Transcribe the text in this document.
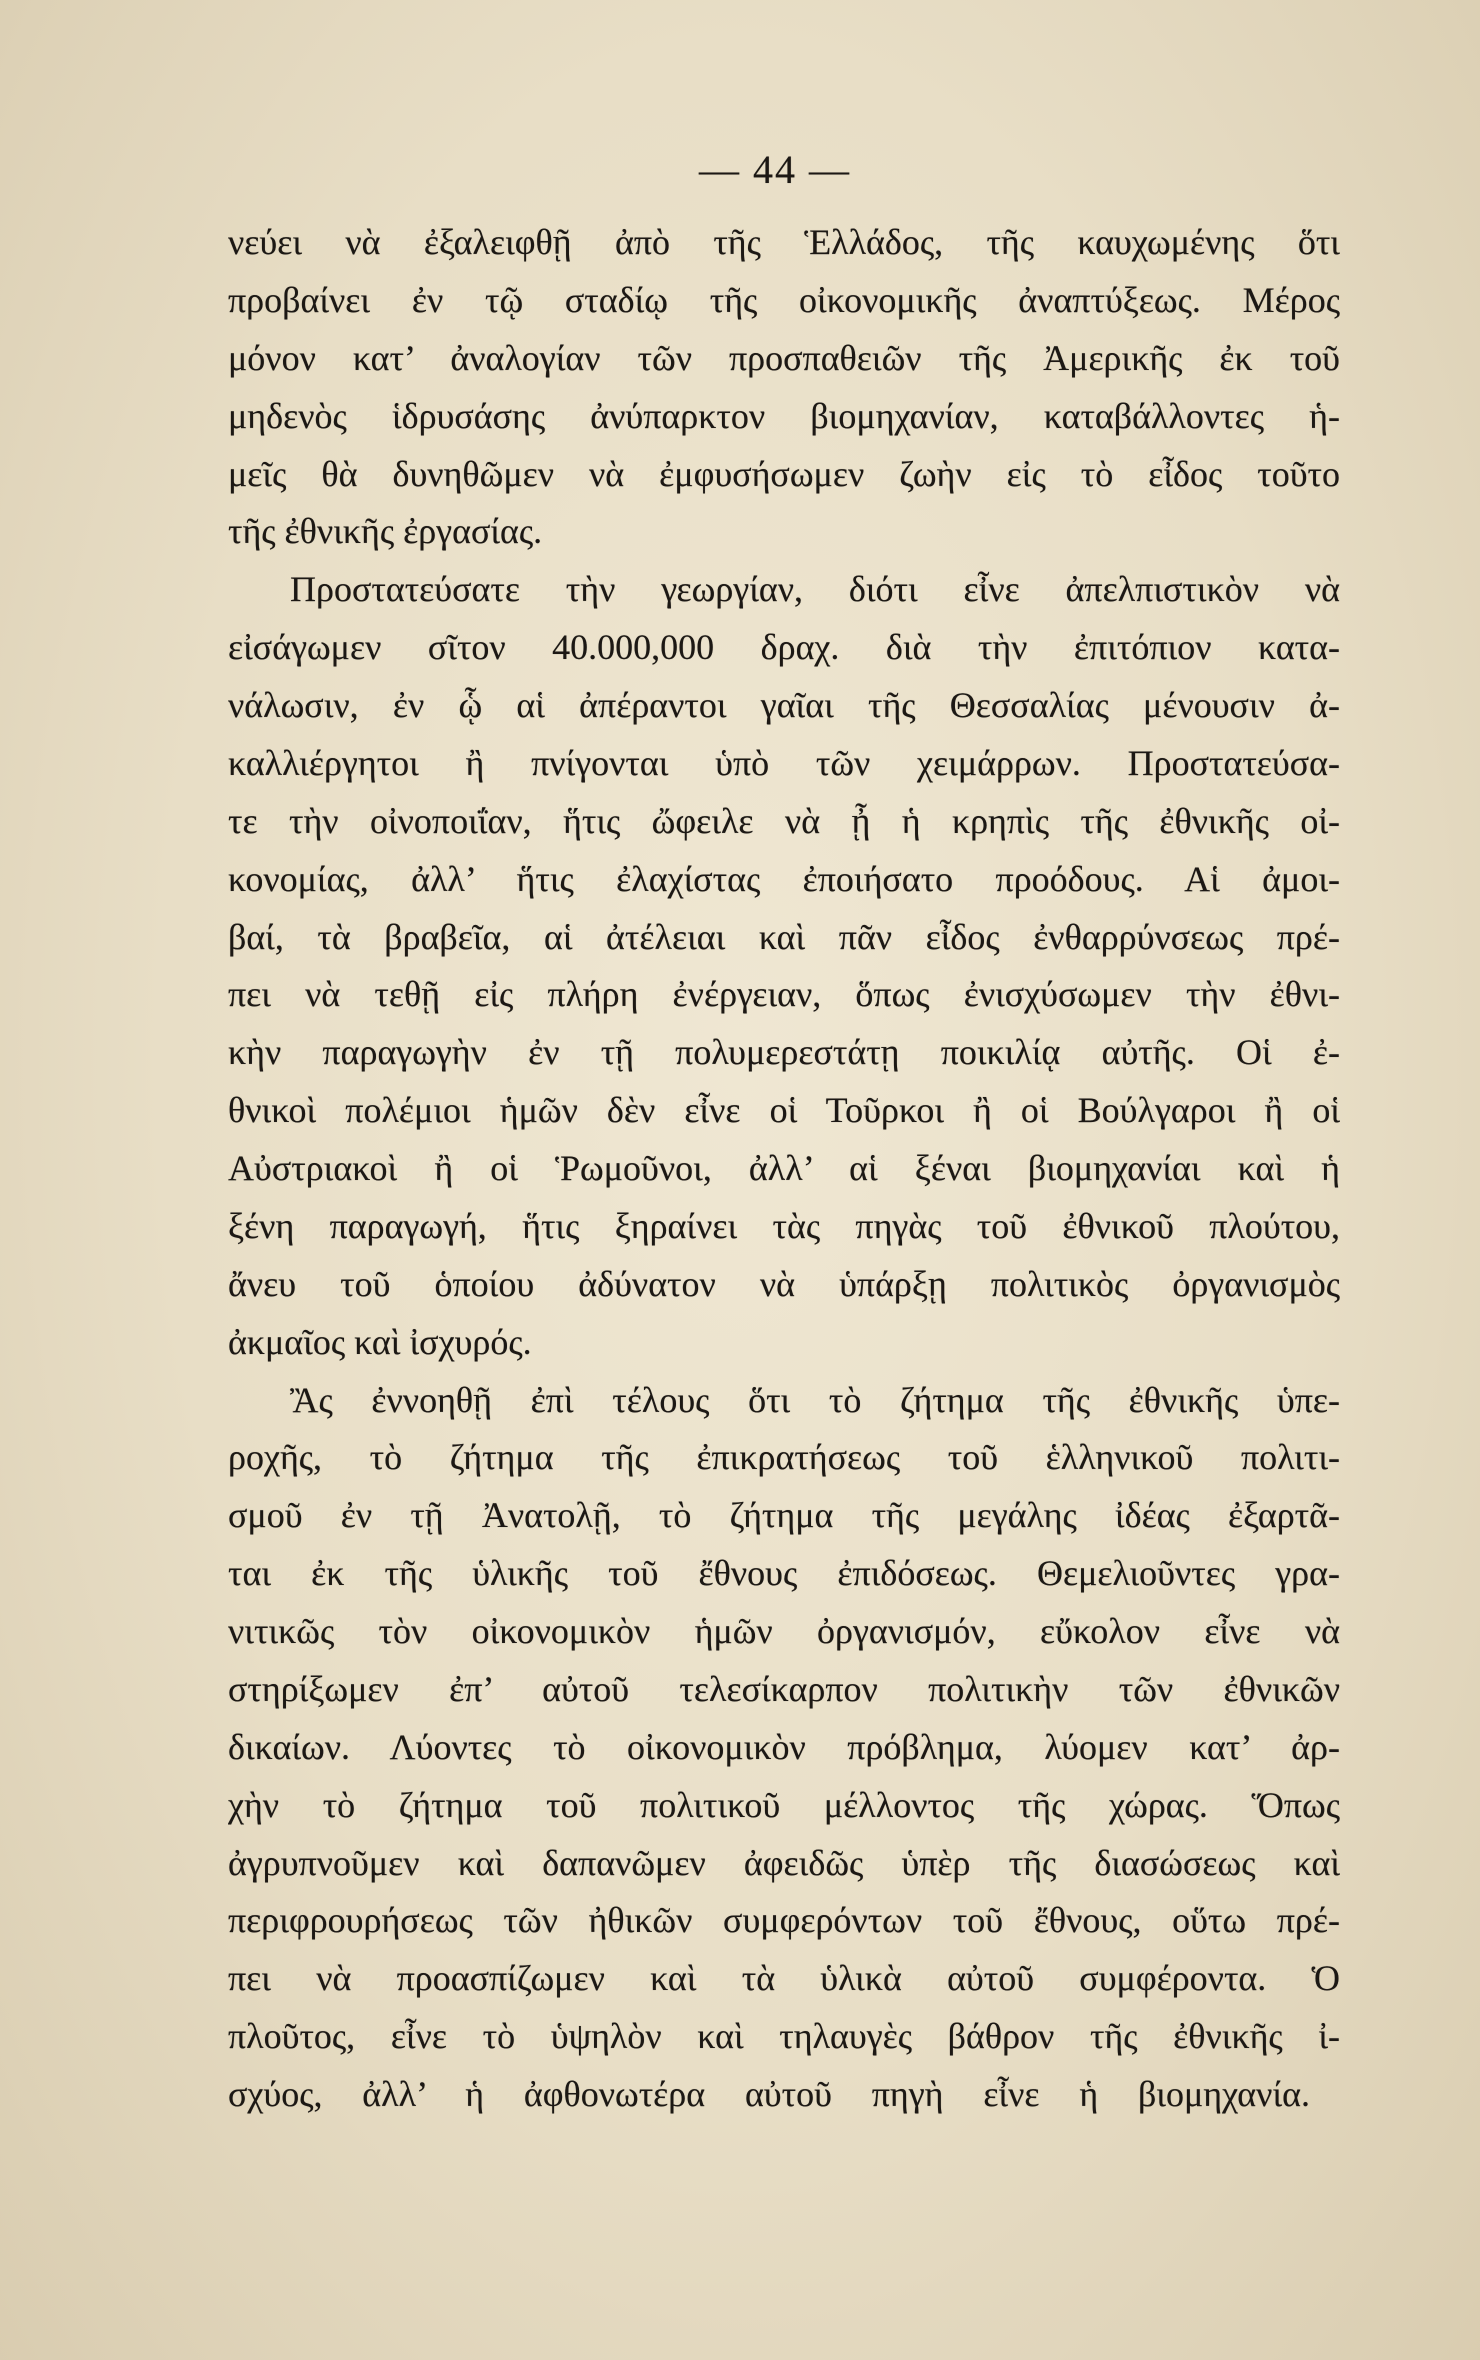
— 44 —
νεύει νὰ ἐξαλειφθῇ ἀπὸ τῆς Ἑλλάδος, τῆς καυχωμένης ὅτι
προβαίνει ἐν τῷ σταδίῳ τῆς οἰκονομικῆς ἀναπτύξεως. Μέρος
μόνον κατ’ ἀναλογίαν τῶν προσπαθειῶν τῆς Ἀμερικῆς ἐκ τοῦ
μηδενὸς ἱδρυσάσης ἀνύπαρκτον βιομηχανίαν, καταβάλλοντες ἡ-
μεῖς θὰ δυνηθῶμεν νὰ ἐμφυσήσωμεν ζωὴν εἰς τὸ εἶδος τοῦτο
τῆς ἐθνικῆς ἐργασίας.
Προστατεύσατε τὴν γεωργίαν, διότι εἶνε ἀπελπιστικὸν νὰ
εἰσάγωμεν σῖτον 40.000,000 δραχ. διὰ τὴν ἐπιτόπιον κατα-
νάλωσιν, ἐν ᾧ αἱ ἀπέραντοι γαῖαι τῆς Θεσσαλίας μένουσιν ἀ-
καλλιέργητοι ἢ πνίγονται ὑπὸ τῶν χειμάρρων. Προστατεύσα-
τε τὴν οἰνοποιΐαν, ἥτις ὤφειλε νὰ ᾖ ἡ κρηπὶς τῆς ἐθνικῆς οἰ-
κονομίας, ἀλλ’ ἥτις ἐλαχίστας ἐποιήσατο προόδους. Αἱ ἀμοι-
βαί, τὰ βραβεῖα, αἱ ἀτέλειαι καὶ πᾶν εἶδος ἐνθαρρύνσεως πρέ-
πει νὰ τεθῇ εἰς πλήρη ἐνέργειαν, ὅπως ἐνισχύσωμεν τὴν ἐθνι-
κὴν παραγωγὴν ἐν τῇ πολυμερεστάτῃ ποικιλίᾳ αὐτῆς. Οἱ ἐ-
θνικοὶ πολέμιοι ἡμῶν δὲν εἶνε οἱ Τοῦρκοι ἢ οἱ Βούλγαροι ἢ οἱ
Αὐστριακοὶ ἢ οἱ Ῥωμοῦνοι, ἀλλ’ αἱ ξέναι βιομηχανίαι καὶ ἡ
ξένη παραγωγή, ἥτις ξηραίνει τὰς πηγὰς τοῦ ἐθνικοῦ πλούτου,
ἄνευ τοῦ ὁποίου ἀδύνατον νὰ ὑπάρξῃ πολιτικὸς ὀργανισμὸς
ἀκμαῖος καὶ ἰσχυρός.
Ἂς ἐννοηθῇ ἐπὶ τέλους ὅτι τὸ ζήτημα τῆς ἐθνικῆς ὑπε-
ροχῆς, τὸ ζήτημα τῆς ἐπικρατήσεως τοῦ ἑλληνικοῦ πολιτι-
σμοῦ ἐν τῇ Ἀνατολῇ, τὸ ζήτημα τῆς μεγάλης ἰδέας ἐξαρτᾶ-
ται ἐκ τῆς ὑλικῆς τοῦ ἔθνους ἐπιδόσεως. Θεμελιοῦντες γρα-
νιτικῶς τὸν οἰκονομικὸν ἡμῶν ὀργανισμόν, εὔκολον εἶνε νὰ
στηρίξωμεν ἐπ’ αὐτοῦ τελεσίκαρπον πολιτικὴν τῶν ἐθνικῶν
δικαίων. Λύοντες τὸ οἰκονομικὸν πρόβλημα, λύομεν κατ’ ἀρ-
χὴν τὸ ζήτημα τοῦ πολιτικοῦ μέλλοντος τῆς χώρας. Ὅπως
ἀγρυπνοῦμεν καὶ δαπανῶμεν ἀφειδῶς ὑπὲρ τῆς διασώσεως καὶ
περιφρουρήσεως τῶν ἠθικῶν συμφερόντων τοῦ ἔθνους, οὕτω πρέ-
πει νὰ προασπίζωμεν καὶ τὰ ὑλικὰ αὐτοῦ συμφέροντα. Ὁ
πλοῦτος, εἶνε τὸ ὑψηλὸν καὶ τηλαυγὲς βάθρον τῆς ἐθνικῆς ἰ-
σχύος, ἀλλ’ ἡ ἀφθονωτέρα αὐτοῦ πηγὴ εἶνε ἡ βιομηχανία.
